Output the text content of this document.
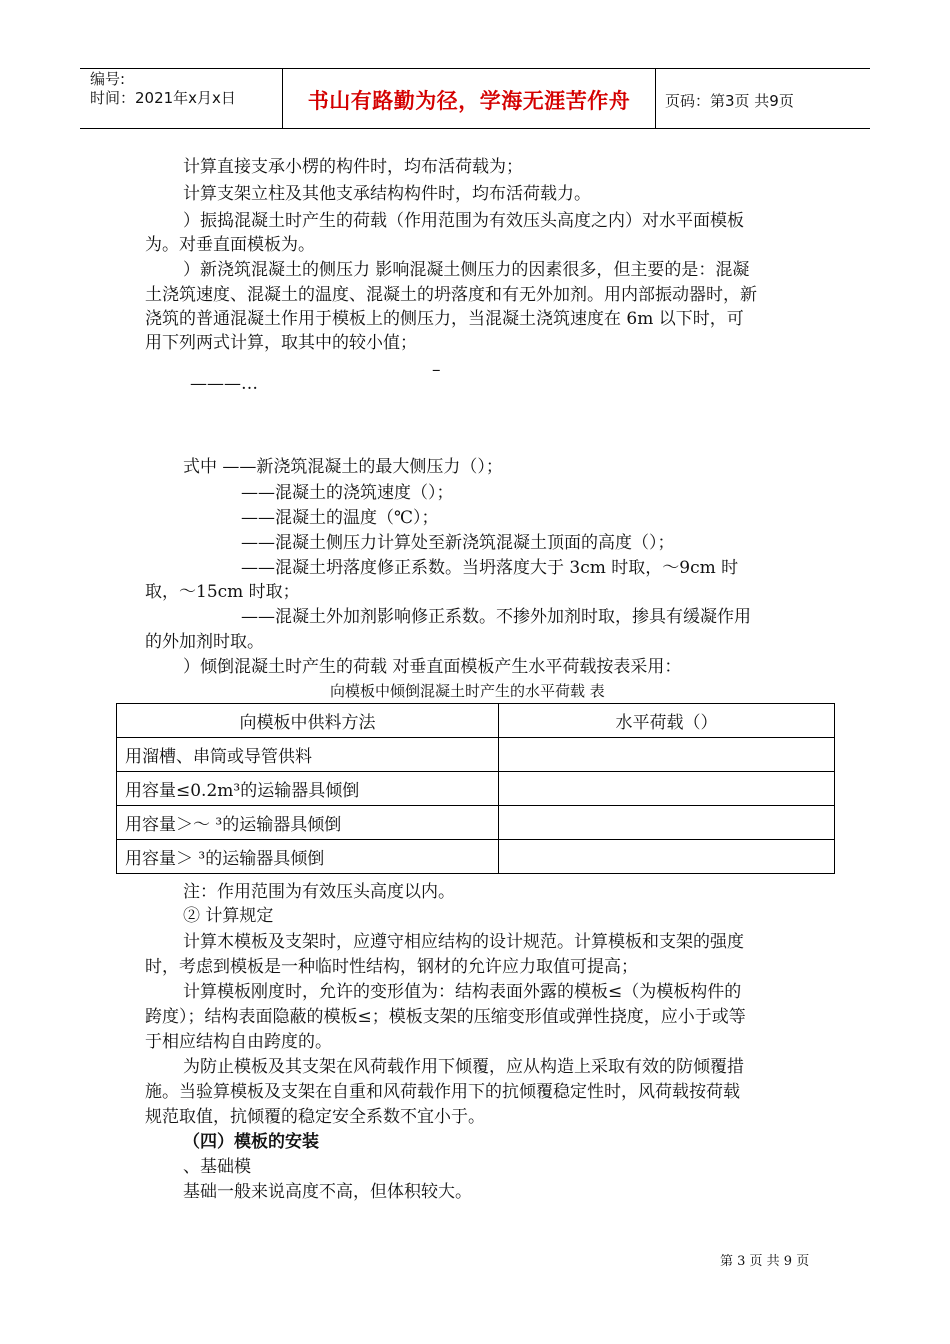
编号:
时间：2021年x月x日	书山有路勤为径，学海无涯苦作舟	页码：第3页 共9页
计算直接支承小楞的构件时，均布活荷载为；
计算支架立柱及其他支承结构构件时，均布活荷载力。
）振捣混凝土时产生的荷载（作用范围为有效压头高度之内）对水平面模板
为。对垂直面模板为。
）新浇筑混凝土的侧压力 影响混凝土侧压力的因素很多，但主要的是：混凝
土浇筑速度、混凝土的温度、混凝土的坍落度和有无外加剂。用内部振动器时，新
浇筑的普通混凝土作用于模板上的侧压力，当混凝土浇筑速度在 6m 以下时，可
用下列两式计算，取其中的较小值；
———…
–
式中 ——新浇筑混凝土的最大侧压力（）；
——混凝土的浇筑速度（）；
——混凝土的温度（℃）；
——混凝土侧压力计算处至新浇筑混凝土顶面的高度（）；
——混凝土坍落度修正系数。当坍落度大于 3cm 时取，～9cm 时
取，～15cm 时取；
——混凝土外加剂影响修正系数。不掺外加剂时取，掺具有缓凝作用
的外加剂时取。
）倾倒混凝土时产生的荷载 对垂直面模板产生水平荷载按表采用：
向模板中倾倒混凝土时产生的水平荷载 表
向模板中供料方法	水平荷载（）
用溜槽、串筒或导管供料	
用容量≤0.2m³的运输器具倾倒	
用容量＞～ ³的运输器具倾倒	
用容量＞ ³的运输器具倾倒	
注：作用范围为有效压头高度以内。
② 计算规定
计算木模板及支架时，应遵守相应结构的设计规范。计算模板和支架的强度
时，考虑到模板是一种临时性结构，钢材的允许应力取值可提高；
计算模板刚度时，允许的变形值为：结构表面外露的模板≤（为模板构件的
跨度）；结构表面隐蔽的模板≤；模板支架的压缩变形值或弹性挠度，应小于或等
于相应结构自由跨度的。
为防止模板及其支架在风荷载作用下倾覆，应从构造上采取有效的防倾覆措
施。当验算模板及支架在自重和风荷载作用下的抗倾覆稳定性时，风荷载按荷载
规范取值，抗倾覆的稳定安全系数不宜小于。
（四）模板的安装
、基础模
基础一般来说高度不高，但体积较大。
第 3 页 共 9 页
